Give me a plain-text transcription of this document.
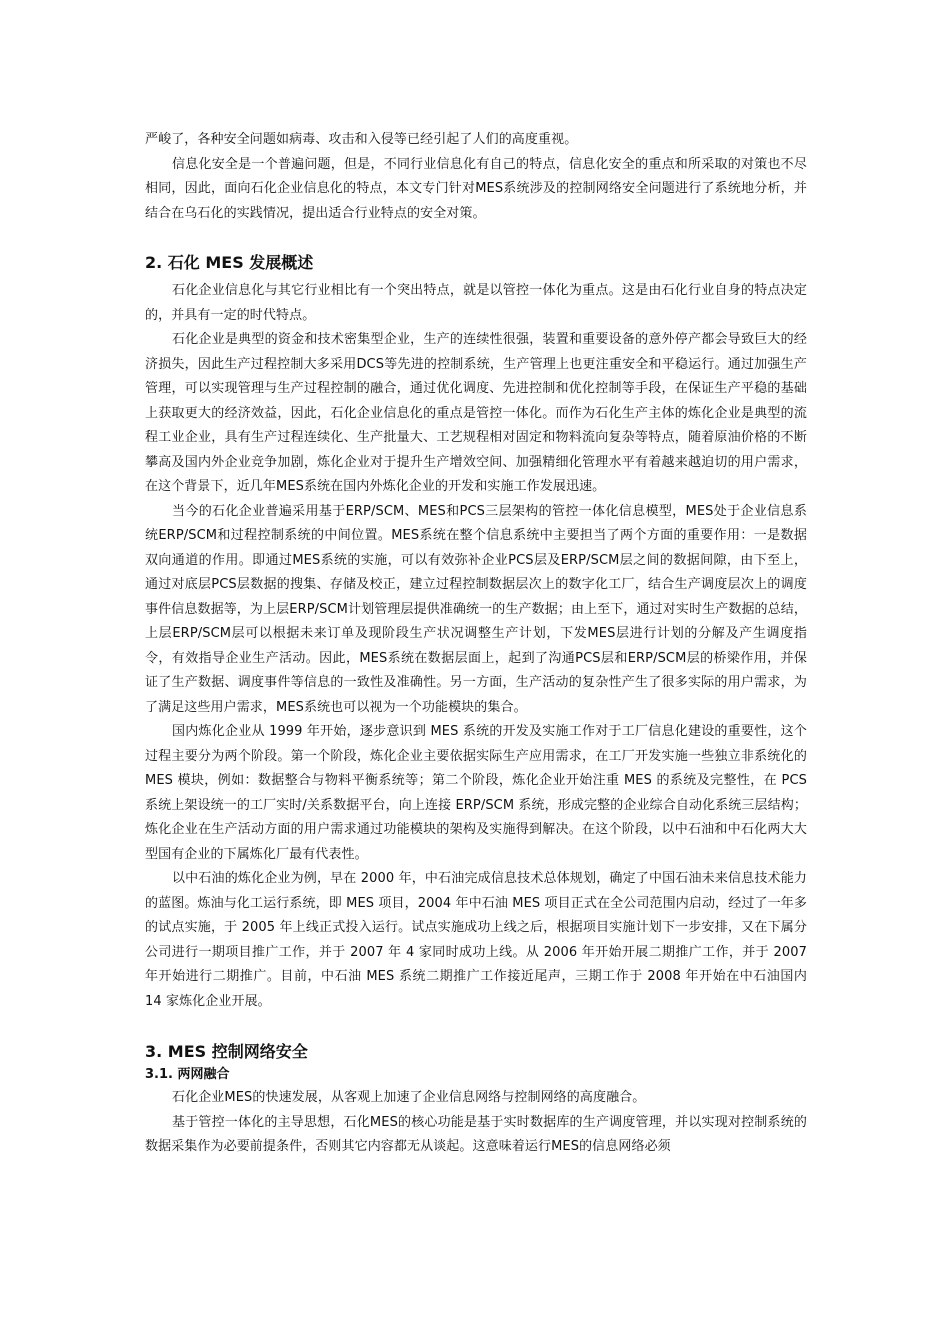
严峻了，各种安全问题如病毒、攻击和入侵等已经引起了人们的高度重视。

信息化安全是一个普遍问题，但是，不同行业信息化有自己的特点，信息化安全的重点和所采取的对策也不尽相同，因此，面向石化企业信息化的特点，本文专门针对MES系统涉及的控制网络安全问题进行了系统地分析，并结合在乌石化的实践情况，提出适合行业特点的安全对策。

2. 石化 MES 发展概述

石化企业信息化与其它行业相比有一个突出特点，就是以管控一体化为重点。这是由石化行业自身的特点决定的，并具有一定的时代特点。

石化企业是典型的资金和技术密集型企业，生产的连续性很强，装置和重要设备的意外停产都会导致巨大的经济损失，因此生产过程控制大多采用DCS等先进的控制系统，生产管理上也更注重安全和平稳运行。通过加强生产管理，可以实现管理与生产过程控制的融合，通过优化调度、先进控制和优化控制等手段，在保证生产平稳的基础上获取更大的经济效益，因此，石化企业信息化的重点是管控一体化。而作为石化生产主体的炼化企业是典型的流程工业企业，具有生产过程连续化、生产批量大、工艺规程相对固定和物料流向复杂等特点，随着原油价格的不断攀高及国内外企业竞争加剧，炼化企业对于提升生产增效空间、加强精细化管理水平有着越来越迫切的用户需求，在这个背景下，近几年MES系统在国内外炼化企业的开发和实施工作发展迅速。

当今的石化企业普遍采用基于ERP/SCM、MES和PCS三层架构的管控一体化信息模型，MES处于企业信息系统ERP/SCM和过程控制系统的中间位置。MES系统在整个信息系统中主要担当了两个方面的重要作用：一是数据双向通道的作用。即通过MES系统的实施，可以有效弥补企业PCS层及ERP/SCM层之间的数据间隙，由下至上，通过对底层PCS层数据的搜集、存储及校正，建立过程控制数据层次上的数字化工厂，结合生产调度层次上的调度事件信息数据等，为上层ERP/SCM计划管理层提供准确统一的生产数据；由上至下，通过对实时生产数据的总结，上层ERP/SCM层可以根据未来订单及现阶段生产状况调整生产计划，下发MES层进行计划的分解及产生调度指令，有效指导企业生产活动。因此，MES系统在数据层面上，起到了沟通PCS层和ERP/SCM层的桥梁作用，并保证了生产数据、调度事件等信息的一致性及准确性。另一方面，生产活动的复杂性产生了很多实际的用户需求，为了满足这些用户需求，MES系统也可以视为一个功能模块的集合。

国内炼化企业从 1999 年开始，逐步意识到 MES 系统的开发及实施工作对于工厂信息化建设的重要性，这个过程主要分为两个阶段。第一个阶段，炼化企业主要依据实际生产应用需求，在工厂开发实施一些独立非系统化的 MES 模块，例如：数据整合与物料平衡系统等；第二个阶段，炼化企业开始注重 MES 的系统及完整性，在 PCS 系统上架设统一的工厂实时/关系数据平台，向上连接 ERP/SCM 系统，形成完整的企业综合自动化系统三层结构；炼化企业在生产活动方面的用户需求通过功能模块的架构及实施得到解决。在这个阶段，以中石油和中石化两大大型国有企业的下属炼化厂最有代表性。

以中石油的炼化企业为例，早在 2000 年，中石油完成信息技术总体规划，确定了中国石油未来信息技术能力的蓝图。炼油与化工运行系统，即 MES 项目，2004 年中石油 MES 项目正式在全公司范围内启动，经过了一年多的试点实施，于 2005 年上线正式投入运行。试点实施成功上线之后，根据项目实施计划下一步安排，又在下属分公司进行一期项目推广工作，并于 2007 年 4 家同时成功上线。从 2006 年开始开展二期推广工作，并于 2007 年开始进行二期推广。目前，中石油 MES 系统二期推广工作接近尾声，三期工作于 2008 年开始在中石油国内 14 家炼化企业开展。

3. MES 控制网络安全
3.1. 两网融合

石化企业MES的快速发展，从客观上加速了企业信息网络与控制网络的高度融合。

基于管控一体化的主导思想，石化MES的核心功能是基于实时数据库的生产调度管理，并以实现对控制系统的数据采集作为必要前提条件，否则其它内容都无从谈起。这意味着运行MES的信息网络必须
